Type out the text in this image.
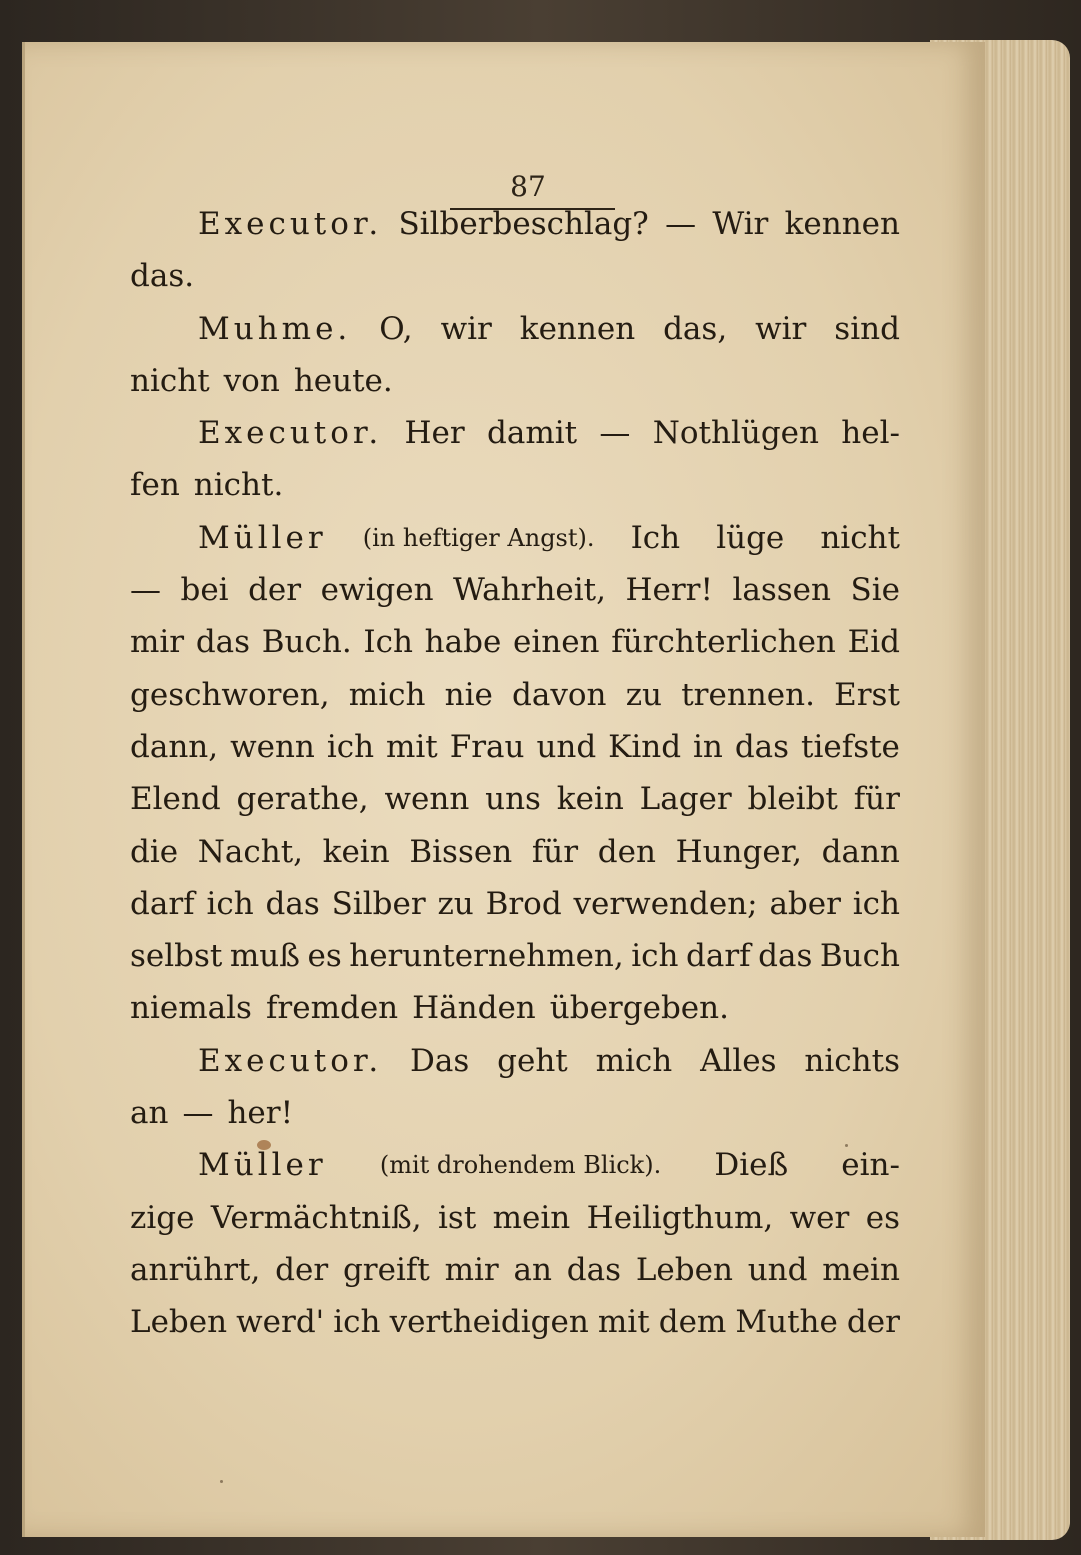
87
Executor. Silberbeschlag? — Wir kennen
das.
Muhme. O, wir kennen das, wir sind
nicht von heute.
Executor. Her damit — Nothlügen hel-
fen nicht.
Müller (in heftiger Angst). Ich lüge nicht
— bei der ewigen Wahrheit, Herr! lassen Sie
mir das Buch. Ich habe einen fürchterlichen Eid
geschworen, mich nie davon zu trennen. Erst
dann, wenn ich mit Frau und Kind in das tiefste
Elend gerathe, wenn uns kein Lager bleibt für
die Nacht, kein Bissen für den Hunger, dann
darf ich das Silber zu Brod verwenden; aber ich
selbst muß es herunternehmen, ich darf das Buch
niemals fremden Händen übergeben.
Executor. Das geht mich Alles nichts
an — her!
Müller (mit drohendem Blick). Dieß ein-
zige Vermächtniß, ist mein Heiligthum, wer es
anrührt, der greift mir an das Leben und mein
Leben werd' ich vertheidigen mit dem Muthe der
